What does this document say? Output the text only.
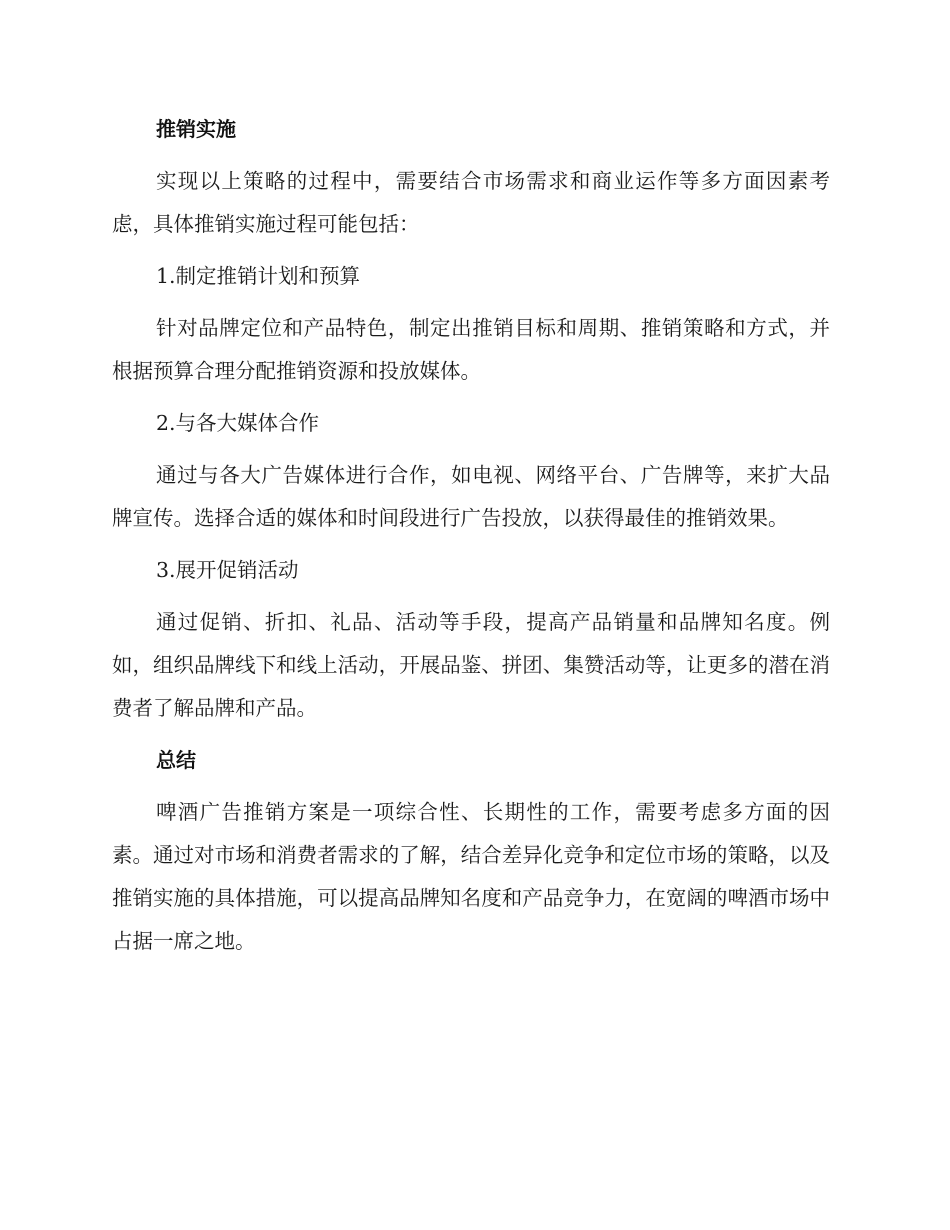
推销实施

实现以上策略的过程中，需要结合市场需求和商业运作等多方面因素考虑，具体推销实施过程可能包括：

1.制定推销计划和预算

针对品牌定位和产品特色，制定出推销目标和周期、推销策略和方式，并根据预算合理分配推销资源和投放媒体。

2.与各大媒体合作

通过与各大广告媒体进行合作，如电视、网络平台、广告牌等，来扩大品牌宣传。选择合适的媒体和时间段进行广告投放，以获得最佳的推销效果。

3.展开促销活动

通过促销、折扣、礼品、活动等手段，提高产品销量和品牌知名度。例如，组织品牌线下和线上活动，开展品鉴、拼团、集赞活动等，让更多的潜在消费者了解品牌和产品。

总结

啤酒广告推销方案是一项综合性、长期性的工作，需要考虑多方面的因素。通过对市场和消费者需求的了解，结合差异化竞争和定位市场的策略，以及推销实施的具体措施，可以提高品牌知名度和产品竞争力，在宽阔的啤酒市场中占据一席之地。
